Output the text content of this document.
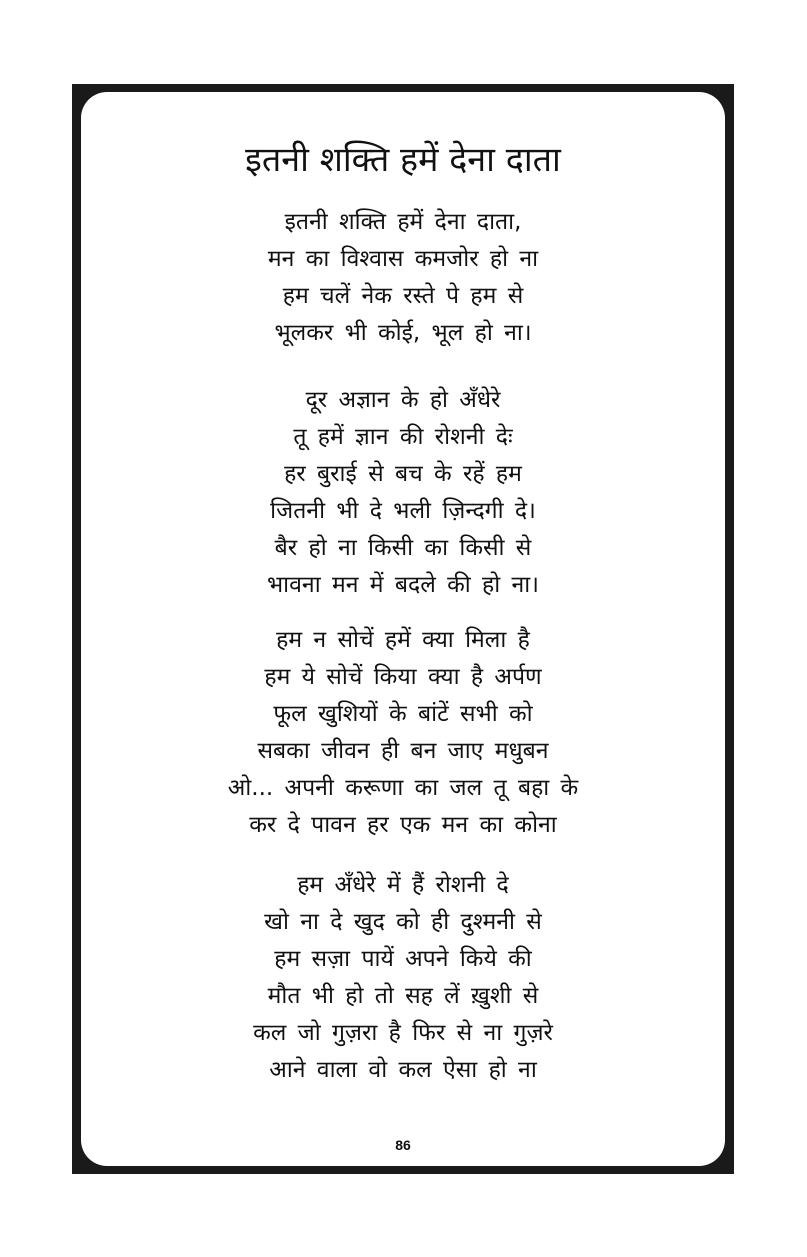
इतनी शक्ति हमें देना दाता
इतनी शक्ति हमें देना दाता,
मन का विश्वास कमजोर हो ना
हम चलें नेक रस्ते पे हम से
भूलकर भी कोई, भूल हो ना।
दूर अज्ञान के हो अँधेरे
तू हमें ज्ञान की रोशनी देः
हर बुराई से बच के रहें हम
जितनी भी दे भली ज़िन्दगी दे।
बैर हो ना किसी का किसी से
भावना मन में बदले की हो ना।
हम न सोचें हमें क्या मिला है
हम ये सोचें किया क्या है अर्पण
फूल खुशियों के बांटें सभी को
सबका जीवन ही बन जाए मधुबन
ओ... अपनी करूणा का जल तू बहा के
कर दे पावन हर एक मन का कोना
हम अँधेरे में हैं रोशनी दे
खो ना दे खुद को ही दुश्मनी से
हम सज़ा पायें अपने किये की
मौत भी हो तो सह लें ख़ुशी से
कल जो गुज़रा है फिर से ना गुज़रे
आने वाला वो कल ऐसा हो ना
86
